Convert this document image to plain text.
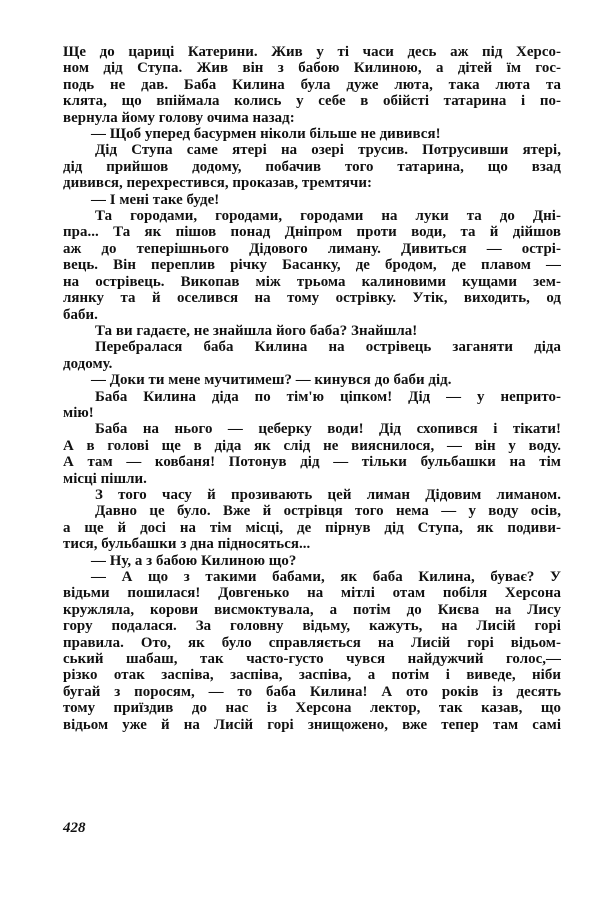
Ще до цариці Катерини. Жив у ті часи десь аж під Херсо-
ном дід Ступа. Жив він з бабою Килиною, а дітей їм гос-
подь не дав. Баба Килина була дуже люта, така люта та
клята, що впіймала колись у себе в обійсті татарина і по-
вернула йому голову очима назад:
— Щоб уперед басурмен ніколи більше не дивився!
Дід Ступа саме ятері на озері трусив. Потрусивши ятері,
дід прийшов додому, побачив того татарина, що взад
дивився, перехрестився, проказав, тремтячи:
— І мені таке буде!
Та городами, городами, городами на луки та до Дні-
пра... Та як пішов понад Дніпром проти води, та й дійшов
аж до теперішнього Дідового лиману. Дивиться — острі-
вець. Він переплив річку Басанку, де бродом, де плавом —
на острівець. Викопав між трьома калиновими кущами зем-
лянку та й оселився на тому острівку. Утік, виходить, од
баби.
Та ви гадаєте, не знайшла його баба? Знайшла!
Перебралася баба Килина на острівець заганяти діда
додому.
— Доки ти мене мучитимеш? — кинувся до баби дід.
Баба Килина діда по тім'ю ціпком! Дід — у неприто-
мію!
Баба на нього — цеберку води! Дід схопився і тікати!
А в голові ще в діда як слід не вияснилося, — він у воду.
А там — ковбаня! Потонув дід — тільки бульбашки на тім
місці пішли.
З того часу й прозивають цей лиман Дідовим лиманом.
Давно це було. Вже й острівця того нема — у воду осів,
а ще й досі на тім місці, де пірнув дід Ступа, як подиви-
тися, бульбашки з дна підносяться...
— Ну, а з бабою Килиною що?
— А що з такими бабами, як баба Килина, буває? У
відьми пошилася! Довгенько на мітлі отам побіля Херсона
кружляла, корови висмоктувала, а потім до Києва на Лису
гору подалася. За головну відьму, кажуть, на Лисій горі
правила. Ото, як було справляється на Лисій горі відьом-
ський шабаш, так часто-густо чувся найдужчий голос,—
різко отак заспіва, заспіва, заспіва, а потім і виведе, ніби
бугай з поросям, — то баба Килина! А ото років із десять
тому приїздив до нас із Херсона лектор, так казав, що
відьом уже й на Лисій горі знищожено, вже тепер там самі
428
